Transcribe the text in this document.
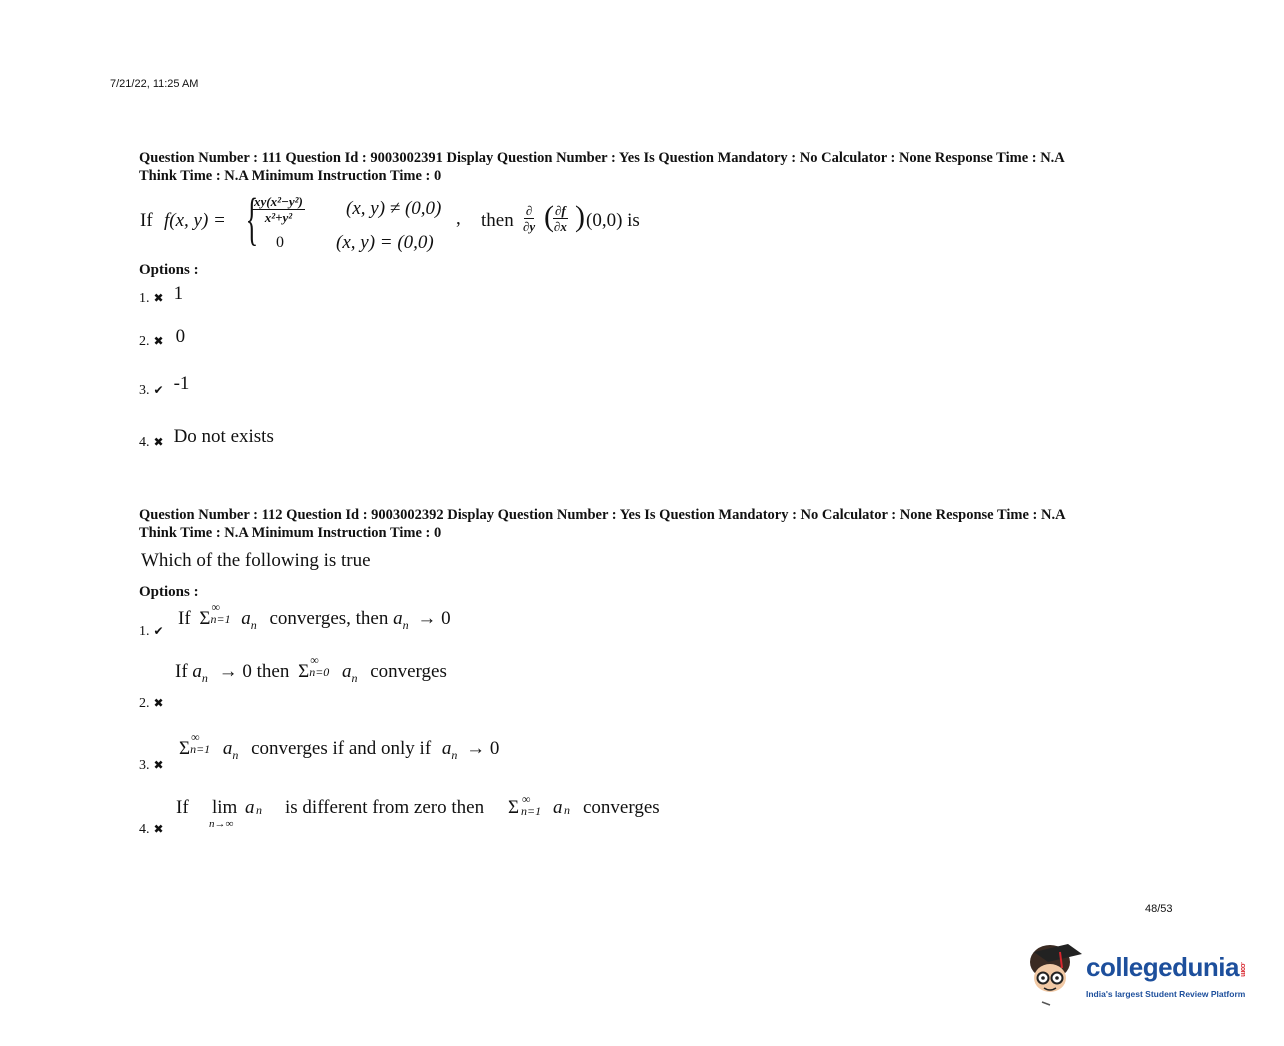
7/21/22, 11:25 AM
Question Number : 111 Question Id : 9003002391 Display Question Number : Yes Is Question Mandatory : No Calculator : None Response Time : N.A
Think Time : N.A Minimum Instruction Time : 0
If f(x, y) = {
$\frac{\text{xy(x²−y²)}}{\text{x²+y²}} (x$, y) ≠ (0,0)
0	(x, y) = (0,0)
, then ∂
∂y ( $\frac{\partial f}{\partial x}$ ) (0,0) is
Options :
1. ✖ 1
2. ✖ 0
3. ✔ -1
4. ✖ Do not exists
Question Number : 112 Question Id : 9003002392 Display Question Number : Yes Is Question Mandatory : No Calculator : None Response Time : N.A
Think Time : N.A Minimum Instruction Time : 0
Which of the following is true
Options :
1. ✔
If Σ
∞
n=1 $a_n$ converges, then $a_n \to 0$
If $a_n \to 0$ then Σ
∞
n=0 $a_n$ converges
2. ✖
Σ
∞
n=1 $a_n$ converges if and only if $a_n \to 0$
3. ✖
If lim
n→∞
a n is different from zero then Σ ∞
n=1 a n converges
4. ✖
48/53
collegedunia.com
India's largest Student Review Platform
